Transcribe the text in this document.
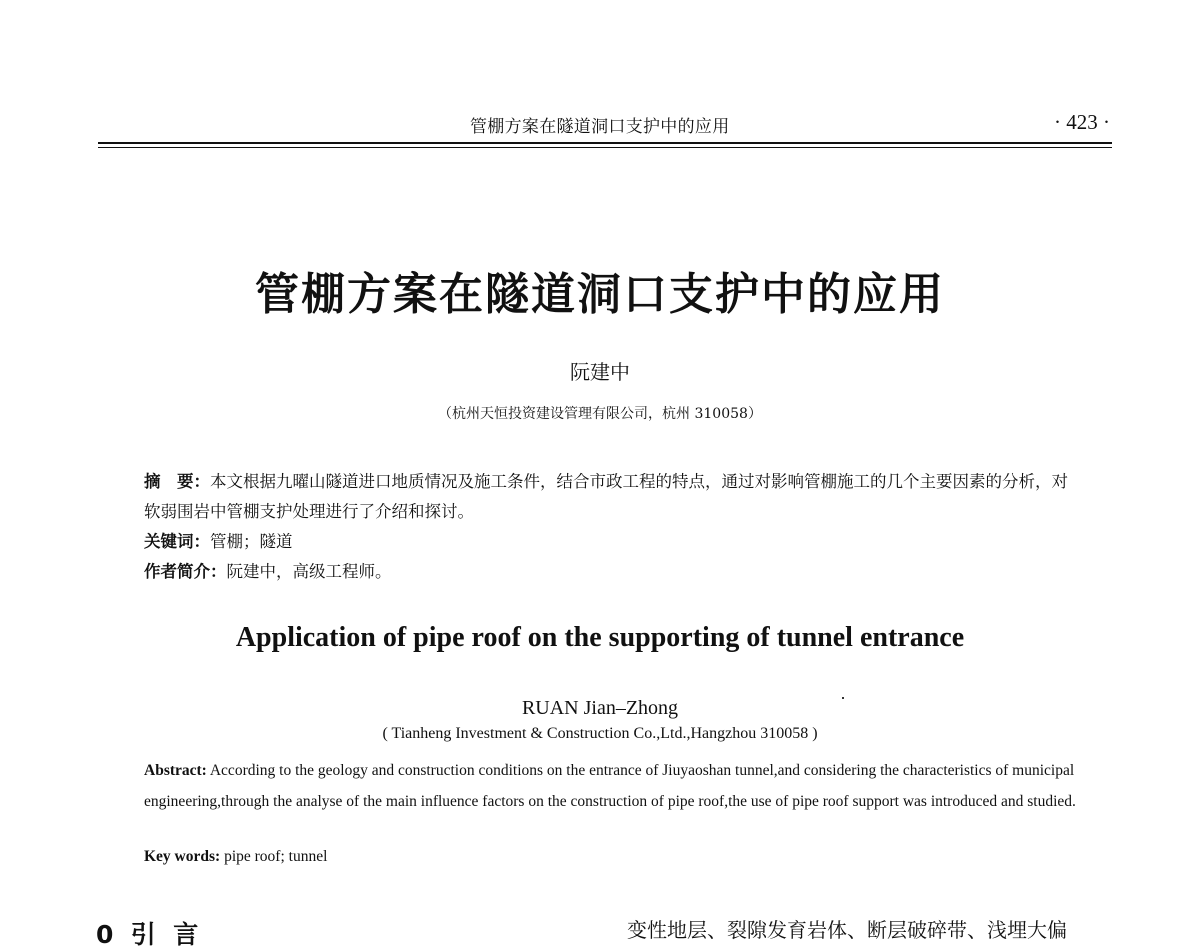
管棚方案在隧道洞口支护中的应用	· 423 ·
管棚方案在隧道洞口支护中的应用
阮建中
（杭州天恒投资建设管理有限公司，杭州 310058）
摘　要：本文根据九曜山隧道进口地质情况及施工条件，结合市政工程的特点，通过对影响管棚施工的几个主要因素的分析，对软弱围岩中管棚支护处理进行了介绍和探讨。
关键词：管棚；隧道
作者简介：阮建中，高级工程师。
Application of pipe roof on the supporting of tunnel entrance
RUAN Jian–Zhong
( Tianheng Investment & Construction Co.,Ltd.,Hangzhou 310058 )
Abstract: According to the geology and construction conditions on the entrance of Jiuyaoshan tunnel,and considering the characteristics of municipal engineering,through the analyse of the main influence factors on the construction of pipe roof,the use of pipe roof support was introduced and studied.
Key words: pipe roof; tunnel
0  引  言	变性地层、裂隙发育岩体、断层破碎带、浅埋大偏
